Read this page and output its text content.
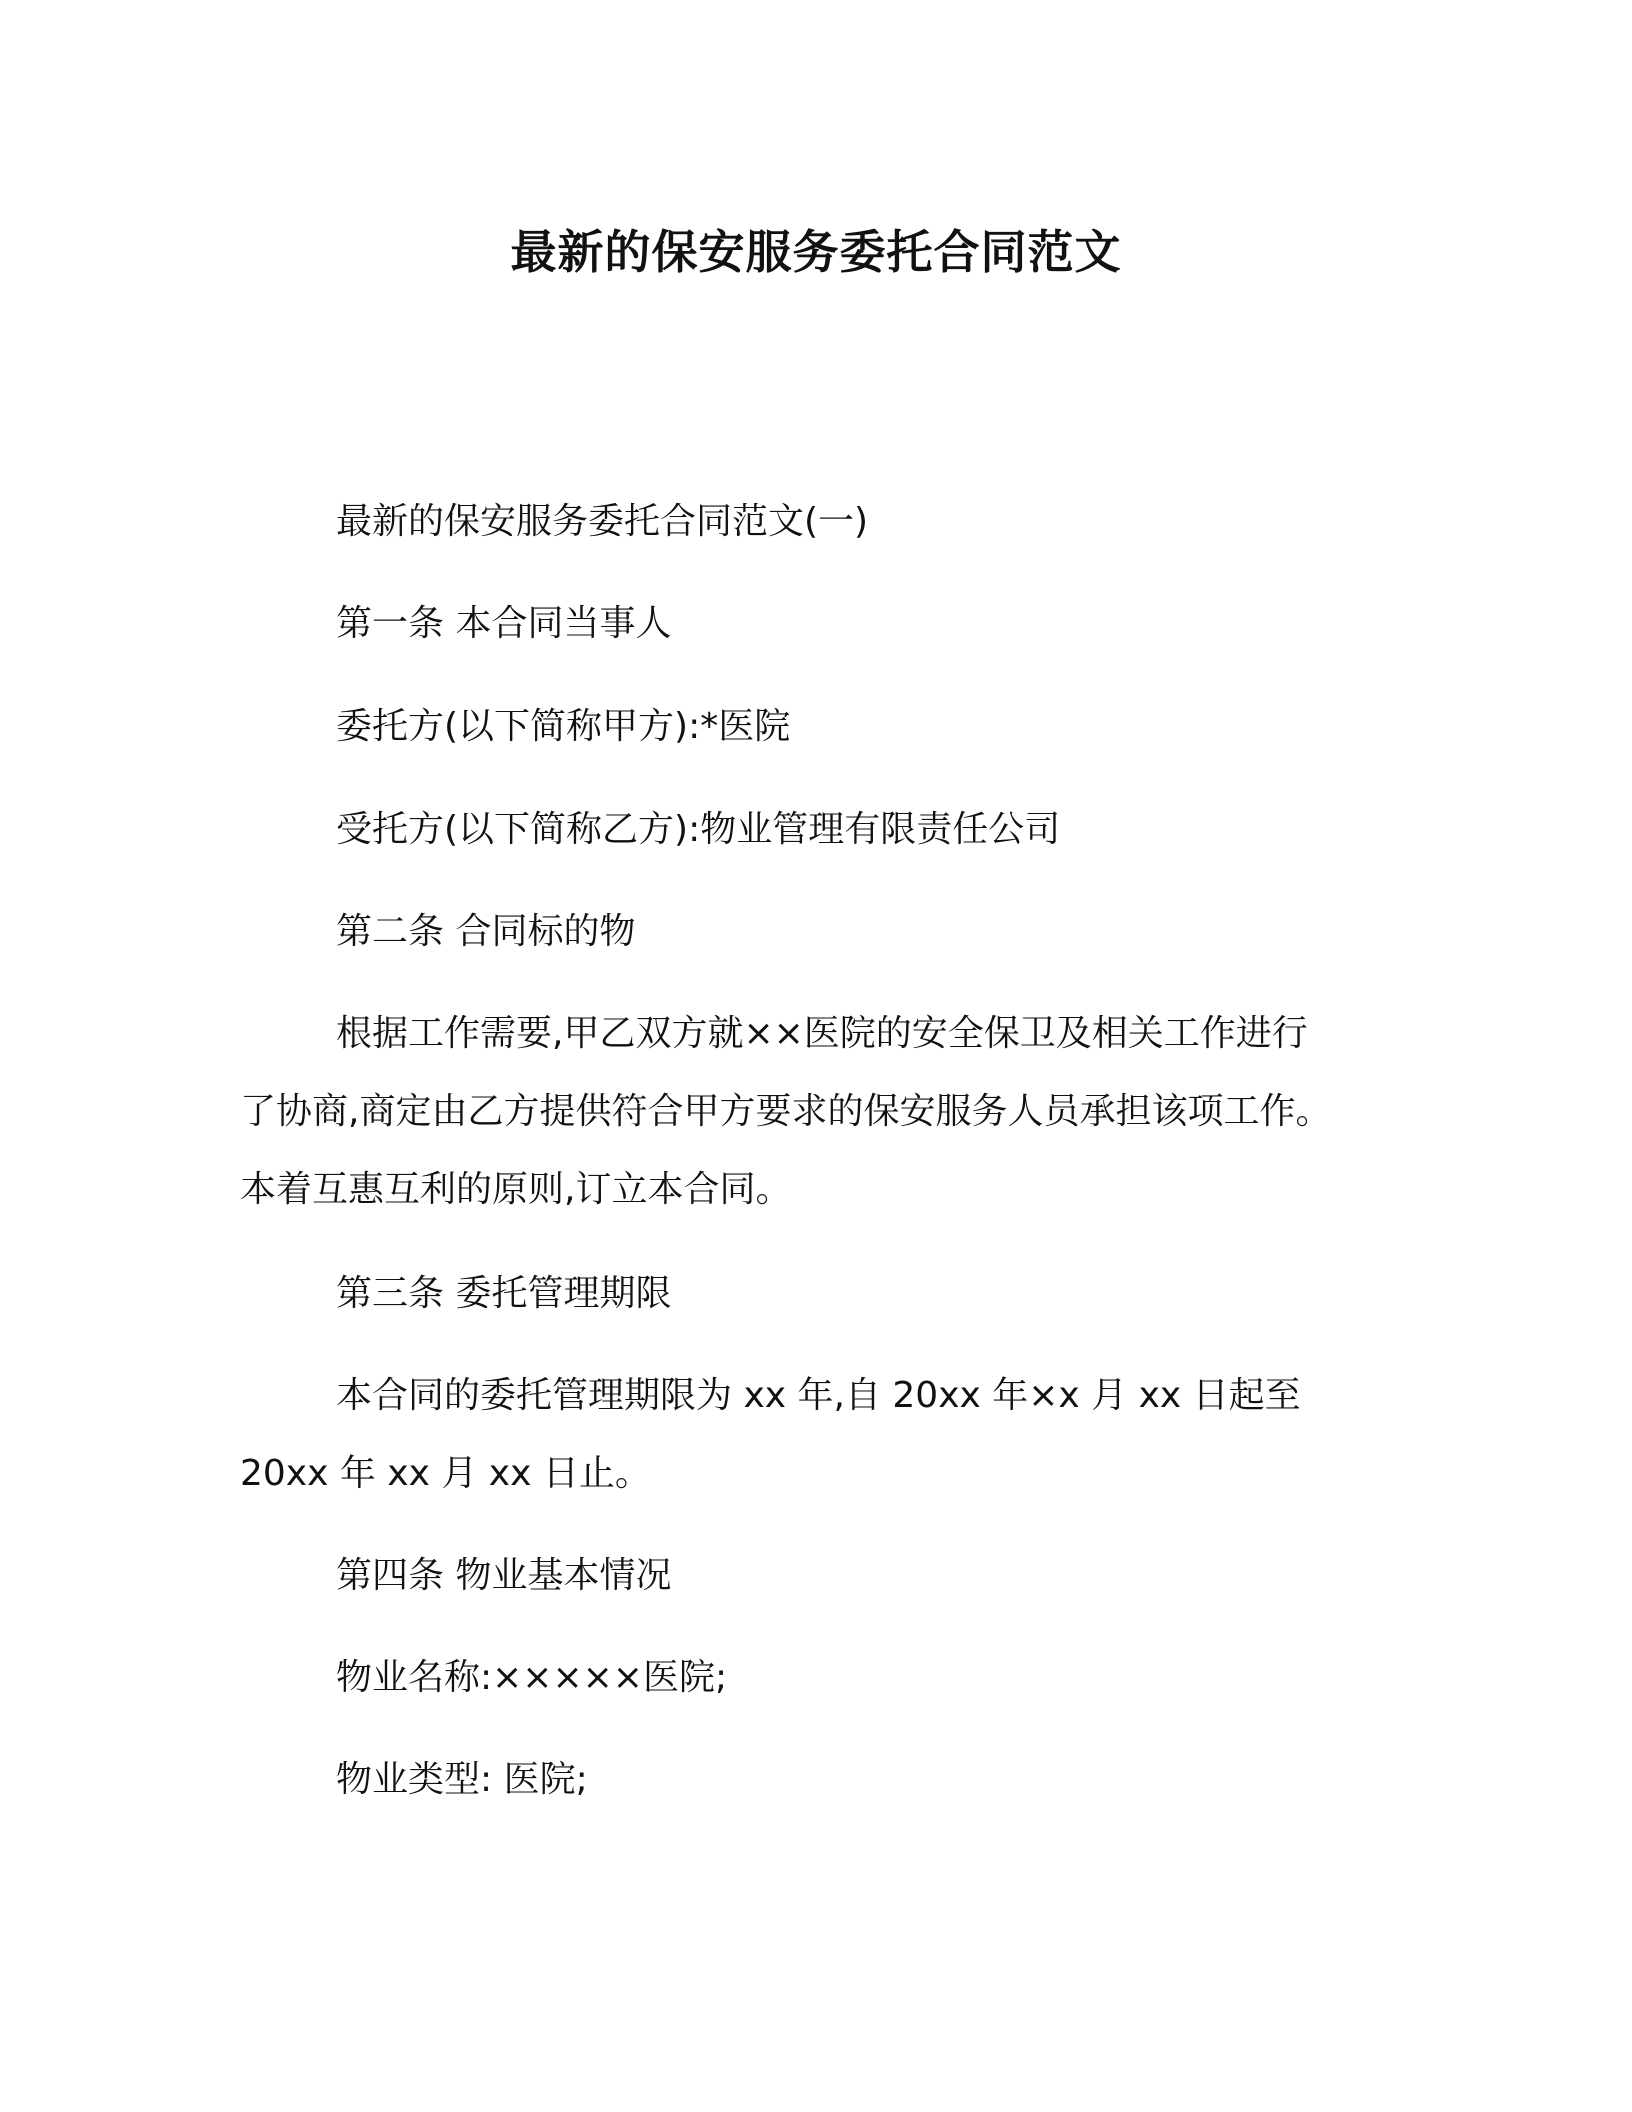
最新的保安服务委托合同范文
最新的保安服务委托合同范文(一)
第一条 本合同当事人
委托方(以下简称甲方):*医院
受托方(以下简称乙方):物业管理有限责任公司
第二条 合同标的物
根据工作需要,甲乙双方就××医院的安全保卫及相关工作进行
了协商,商定由乙方提供符合甲方要求的保安服务人员承担该项工作。
本着互惠互利的原则,订立本合同。
第三条 委托管理期限
本合同的委托管理期限为 xx 年,自 20xx 年×x 月 xx 日起至
20xx 年 xx 月 xx 日止。
第四条 物业基本情况
物业名称:×××××医院;
物业类型: 医院;
